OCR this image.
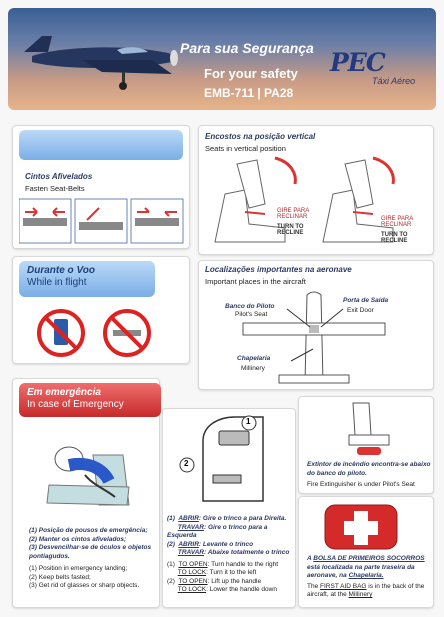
Para sua Segurança
For your safety
EMB-711 | PA28
PEC
Táxi Aéreo
Cintos Afivelados
Fasten Seat-Belts
Durante o Voo
While in flight
Encostos na posição vertical
Seats in vertical position
GIRE PARA RECLINAR
TURN TO RECLINE
GIRE PARA RECLINAR
TURN TO RECLINE
Localizações importantes na aeronave
Important places in the aircraft
Banco do Piloto
Pilot's Seat
Porta de Saída
Exit Door
Chapelaria
Millinery
Em emergência
In case of Emergency
(1) Posição de pousos de emergência;
(2) Manter os cintos afivelados;
(3) Desvencilhar-se de óculos e objetos pontiagudos.
(1) Position in emergency landing;
(2) Keep belts fasted;
(3) Get rid of glasses or sharp objects.
1
2
(1)  ABRIR: Gire o trinco a para Direita.
TRAVAR: Gire o trinco para a Esquerda
(2)  ABRIR: Levante o trinco
TRAVAR: Abaixe totalmente o trinco
(1)  TO OPEN: Turn handle to the right
TO LOCK: Turn it to the left
(2)  TO OPEN: Lift up the handle
TO LOCK: Lower the handle down
Extintor de incêndio encontra-se abaixo do banco do piloto.
Fire Extinguisher is under Pilot's Seat
A BOLSA DE PRIMEIROS SOCORROS está localizada na parte traseira da aeronave, na Chapelaria.
The FIRST AID BAG is in the back of the aircraft, at the Millinery
